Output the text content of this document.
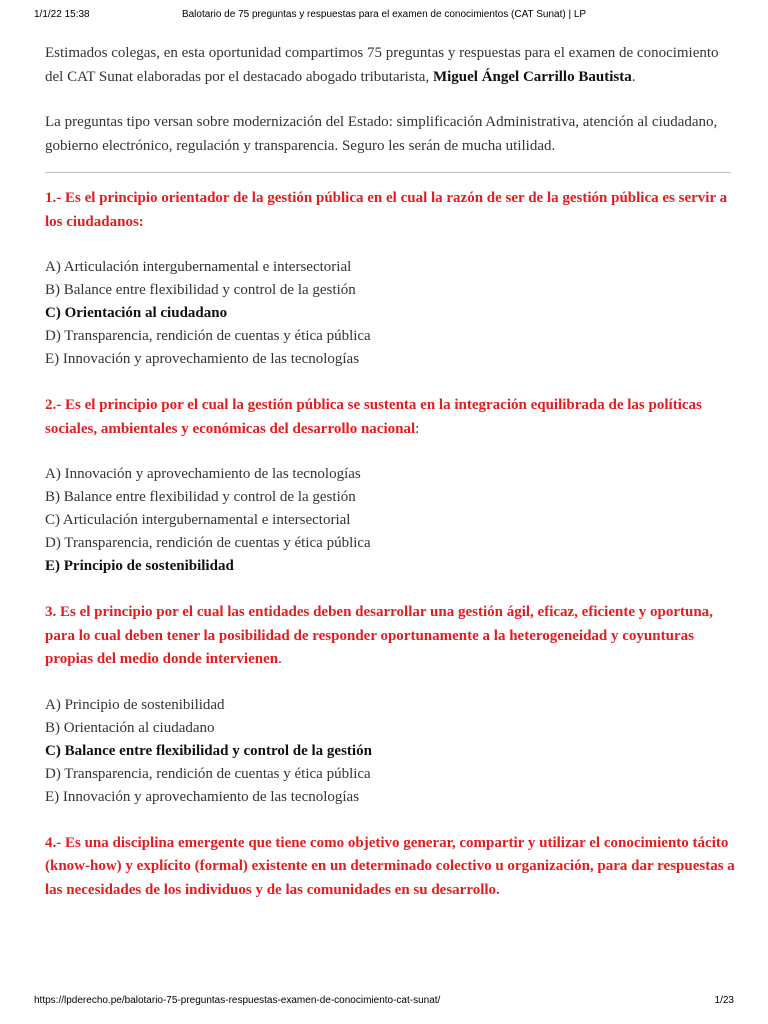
1/1/22 15:38	Balotario de 75 preguntas y respuestas para el examen de conocimientos (CAT Sunat) | LP

Estimados colegas, en esta oportunidad compartimos 75 preguntas y respuestas para el examen de conocimiento del CAT Sunat elaboradas por el destacado abogado tributarista, Miguel Ángel Carrillo Bautista.

La preguntas tipo versan sobre modernización del Estado: simplificación Administrativa, atención al ciudadano, gobierno electrónico, regulación y transparencia. Seguro les serán de mucha utilidad.

1.- Es el principio orientador de la gestión pública en el cual la razón de ser de la gestión pública es servir a los ciudadanos:

A) Articulación intergubernamental e intersectorial
B) Balance entre flexibilidad y control de la gestión
C) Orientación al ciudadano
D) Transparencia, rendición de cuentas y ética pública
E) Innovación y aprovechamiento de las tecnologías

2.- Es el principio por el cual la gestión pública se sustenta en la integración equilibrada de las políticas sociales, ambientales y económicas del desarrollo nacional:

A) Innovación y aprovechamiento de las tecnologías
B) Balance entre flexibilidad y control de la gestión
C) Articulación intergubernamental e intersectorial
D) Transparencia, rendición de cuentas y ética pública
E) Principio de sostenibilidad

3. Es el principio por el cual las entidades deben desarrollar una gestión ágil, eficaz, eficiente y oportuna, para lo cual deben tener la posibilidad de responder oportunamente a la heterogeneidad y coyunturas propias del medio donde intervienen.

A) Principio de sostenibilidad
B) Orientación al ciudadano
C) Balance entre flexibilidad y control de la gestión
D) Transparencia, rendición de cuentas y ética pública
E) Innovación y aprovechamiento de las tecnologías

4.- Es una disciplina emergente que tiene como objetivo generar, compartir y utilizar el conocimiento tácito (know-how) y explícito (formal) existente en un determinado colectivo u organización, para dar respuestas a las necesidades de los individuos y de las comunidades en su desarrollo.

https://lpderecho.pe/balotario-75-preguntas-respuestas-examen-de-conocimiento-cat-sunat/	1/23
